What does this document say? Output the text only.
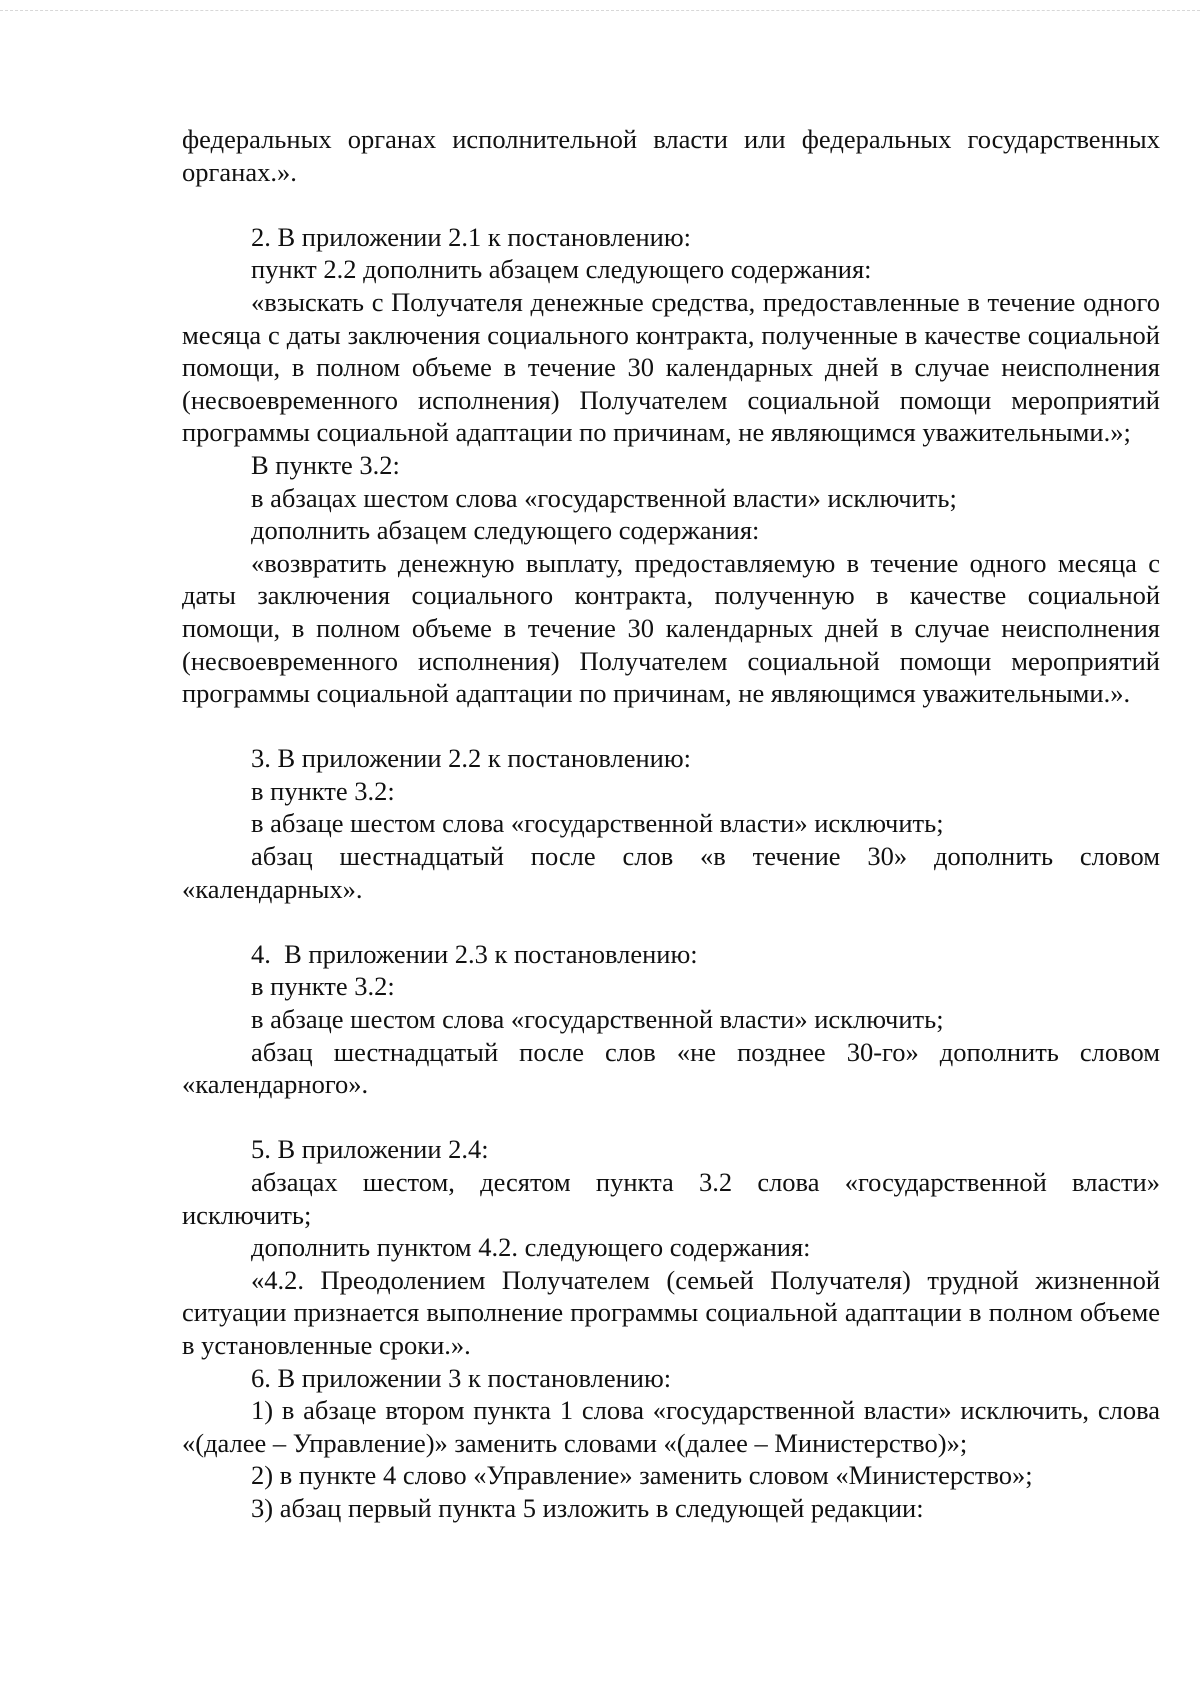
федеральных органах исполнительной власти или федеральных государственных органах.».

2. В приложении 2.1 к постановлению:

пункт 2.2 дополнить абзацем следующего содержания:

«взыскать с Получателя денежные средства, предоставленные в течение одного месяца с даты заключения социального контракта, полученные в качестве социальной помощи, в полном объеме в течение 30 календарных дней в случае неисполнения (несвоевременного исполнения) Получателем социальной помощи мероприятий программы социальной адаптации по причинам, не являющимся уважительными.»;

В пункте 3.2:

в абзацах шестом слова «государственной власти» исключить;

дополнить абзацем следующего содержания:

«возвратить денежную выплату, предоставляемую в течение одного месяца с даты заключения социального контракта, полученную в качестве социальной помощи, в полном объеме в течение 30 календарных дней в случае неисполнения (несвоевременного исполнения) Получателем социальной помощи мероприятий программы социальной адаптации по причинам, не являющимся уважительными.».

3. В приложении 2.2 к постановлению:

в пункте 3.2:

в абзаце шестом слова «государственной власти» исключить;

абзац шестнадцатый после слов «в течение 30» дополнить словом «календарных».

4.  В приложении 2.3 к постановлению:

в пункте 3.2:

в абзаце шестом слова «государственной власти» исключить;

абзац шестнадцатый после слов «не позднее 30-го» дополнить словом «календарного».

5. В приложении 2.4:

абзацах шестом, десятом пункта 3.2 слова «государственной власти» исключить;

дополнить пунктом 4.2. следующего содержания:

«4.2. Преодолением Получателем (семьей Получателя) трудной жизненной ситуации признается выполнение программы социальной адаптации в полном объеме в установленные сроки.».

6. В приложении 3 к постановлению:

1) в абзаце втором пункта 1 слова «государственной власти» исключить, слова «(далее – Управление)» заменить словами «(далее – Министерство)»;

2) в пункте 4 слово «Управление» заменить словом «Министерство»;

3) абзац первый пункта 5 изложить в следующей редакции:
